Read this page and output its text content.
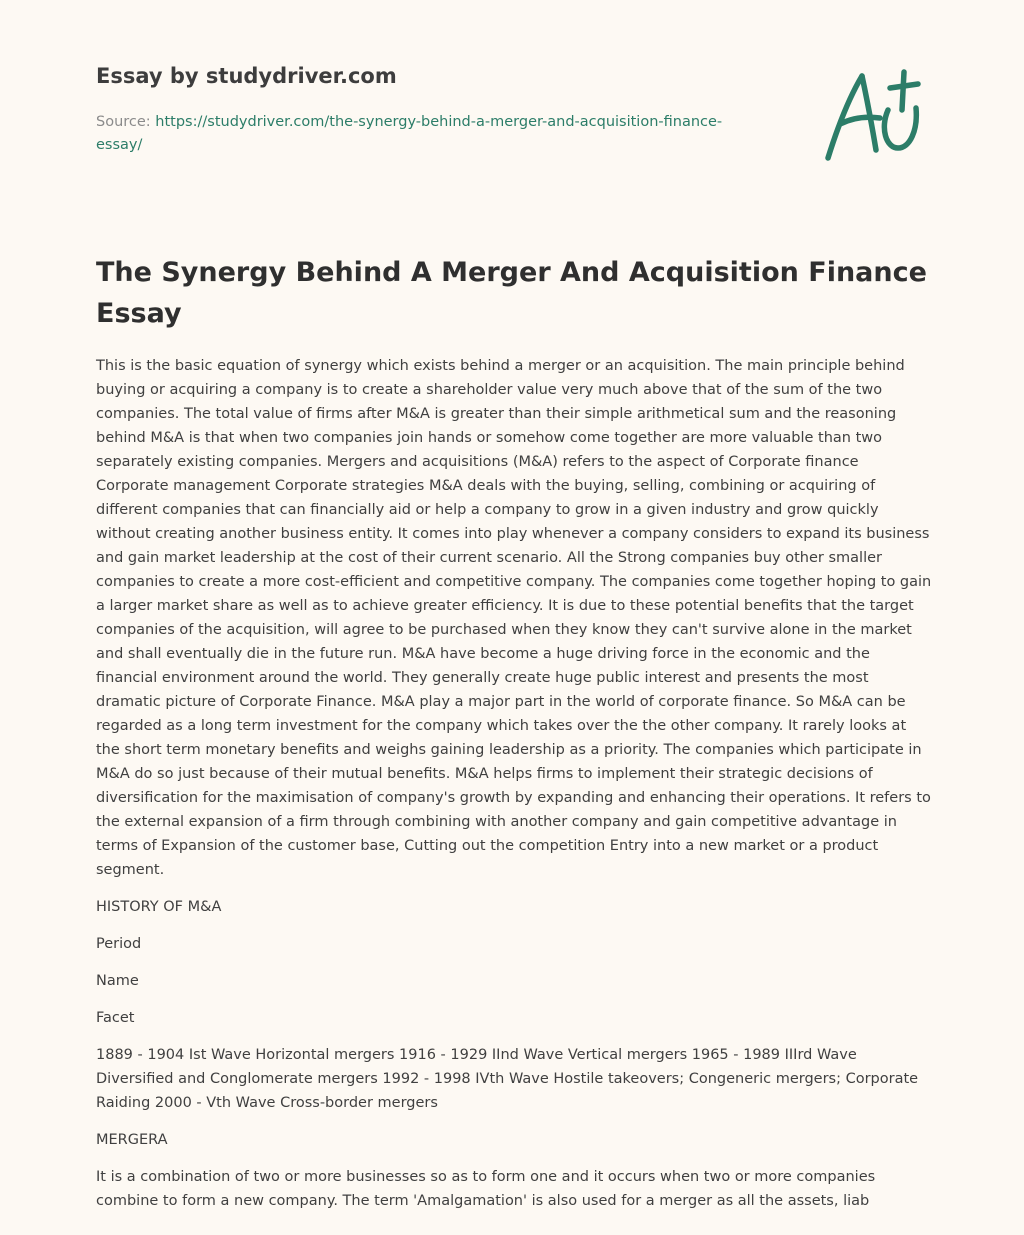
Essay by studydriver.com
Source: https://studydriver.com/the-synergy-behind-a-merger-and-acquisition-finance-essay/
The Synergy Behind A Merger And Acquisition Finance Essay

This is the basic equation of synergy which exists behind a merger or an acquisition. The main principle behind buying or acquiring a company is to create a shareholder value very much above that of the sum of the two companies. The total value of firms after M&A is greater than their simple arithmetical sum and the reasoning behind M&A is that when two companies join hands or somehow come together are more valuable than two separately existing companies. Mergers and acquisitions (M&A) refers to the aspect of Corporate finance Corporate management Corporate strategies M&A deals with the buying, selling, combining or acquiring of different companies that can financially aid or help a company to grow in a given industry and grow quickly without creating another business entity. It comes into play whenever a company considers to expand its business and gain market leadership at the cost of their current scenario. All the Strong companies buy other smaller companies to create a more cost-efficient and competitive company. The companies come together hoping to gain a larger market share as well as to achieve greater efficiency. It is due to these potential benefits that the target companies of the acquisition, will agree to be purchased when they know they can't survive alone in the market and shall eventually die in the future run. M&A have become a huge driving force in the economic and the financial environment around the world. They generally create huge public interest and presents the most dramatic picture of Corporate Finance. M&A play a major part in the world of corporate finance. So M&A can be regarded as a long term investment for the company which takes over the the other company. It rarely looks at the short term monetary benefits and weighs gaining leadership as a priority. The companies which participate in M&A do so just because of their mutual benefits. M&A helps firms to implement their strategic decisions of diversification for the maximisation of company's growth by expanding and enhancing their operations. It refers to the external expansion of a firm through combining with another company and gain competitive advantage in terms of Expansion of the customer base, Cutting out the competition Entry into a new market or a product segment.

HISTORY OF M&A

Period

Name

Facet

1889 - 1904 Ist Wave Horizontal mergers 1916 - 1929 IInd Wave Vertical mergers 1965 - 1989 IIIrd Wave Diversified and Conglomerate mergers 1992 - 1998 IVth Wave Hostile takeovers; Congeneric mergers; Corporate Raiding 2000 - Vth Wave Cross-border mergers

MERGERA

It is a combination of two or more businesses so as to form one and it occurs when two or more companies combine to form a new company. The term 'Amalgamation' is also used for a merger as all the assets, liab
